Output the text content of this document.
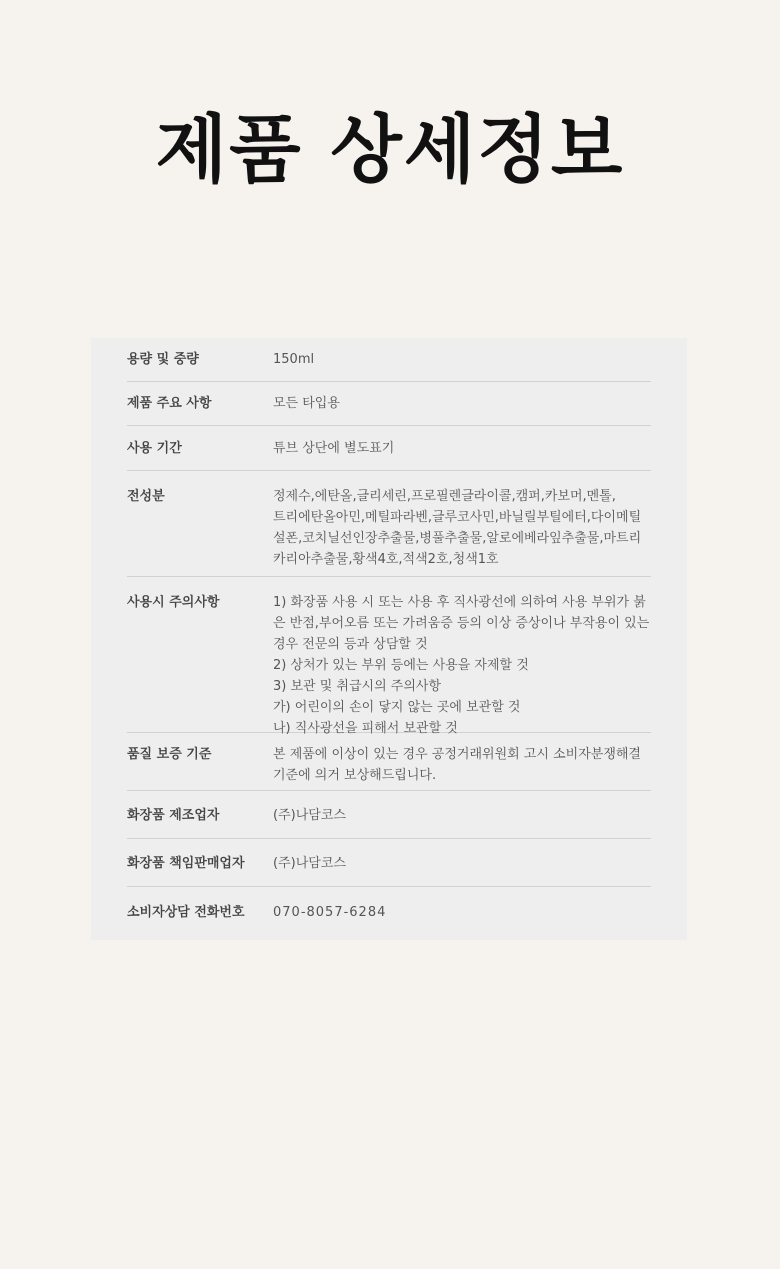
제품 상세정보
용량 및 중량	150ml
제품 주요 사항	모든 타입용
사용 기간	튜브 상단에 별도표기
전성분	정제수,에탄올,글리세린,프로필렌글라이콜,캠퍼,카보머,멘톨,
트리에탄올아민,메틸파라벤,글루코사민,바닐릴부틸에터,다이메틸
설폰,코치닐선인장추출물,병풀추출물,알로에베라잎추출물,마트리
카리아추출물,황색4호,적색2호,청색1호
사용시 주의사항	1) 화장품 사용 시 또는 사용 후 직사광선에 의하여 사용 부위가 붉
은 반점,부어오름 또는 가려움증 등의 이상 증상이나 부작용이 있는
경우 전문의 등과 상담할 것
2) 상처가 있는 부위 등에는 사용을 자제할 것
3) 보관 및 취급시의 주의사항
가) 어린이의 손이 닿지 않는 곳에 보관할 것
나) 직사광선을 피해서 보관할 것
품질 보증 기준	본 제품에 이상이 있는 경우 공정거래위원회 고시 소비자분쟁해결
기준에 의거 보상해드립니다.
화장품 제조업자	(주)나담코스
화장품 책임판매업자	(주)나담코스
소비자상담 전화번호	070-8057-6284
